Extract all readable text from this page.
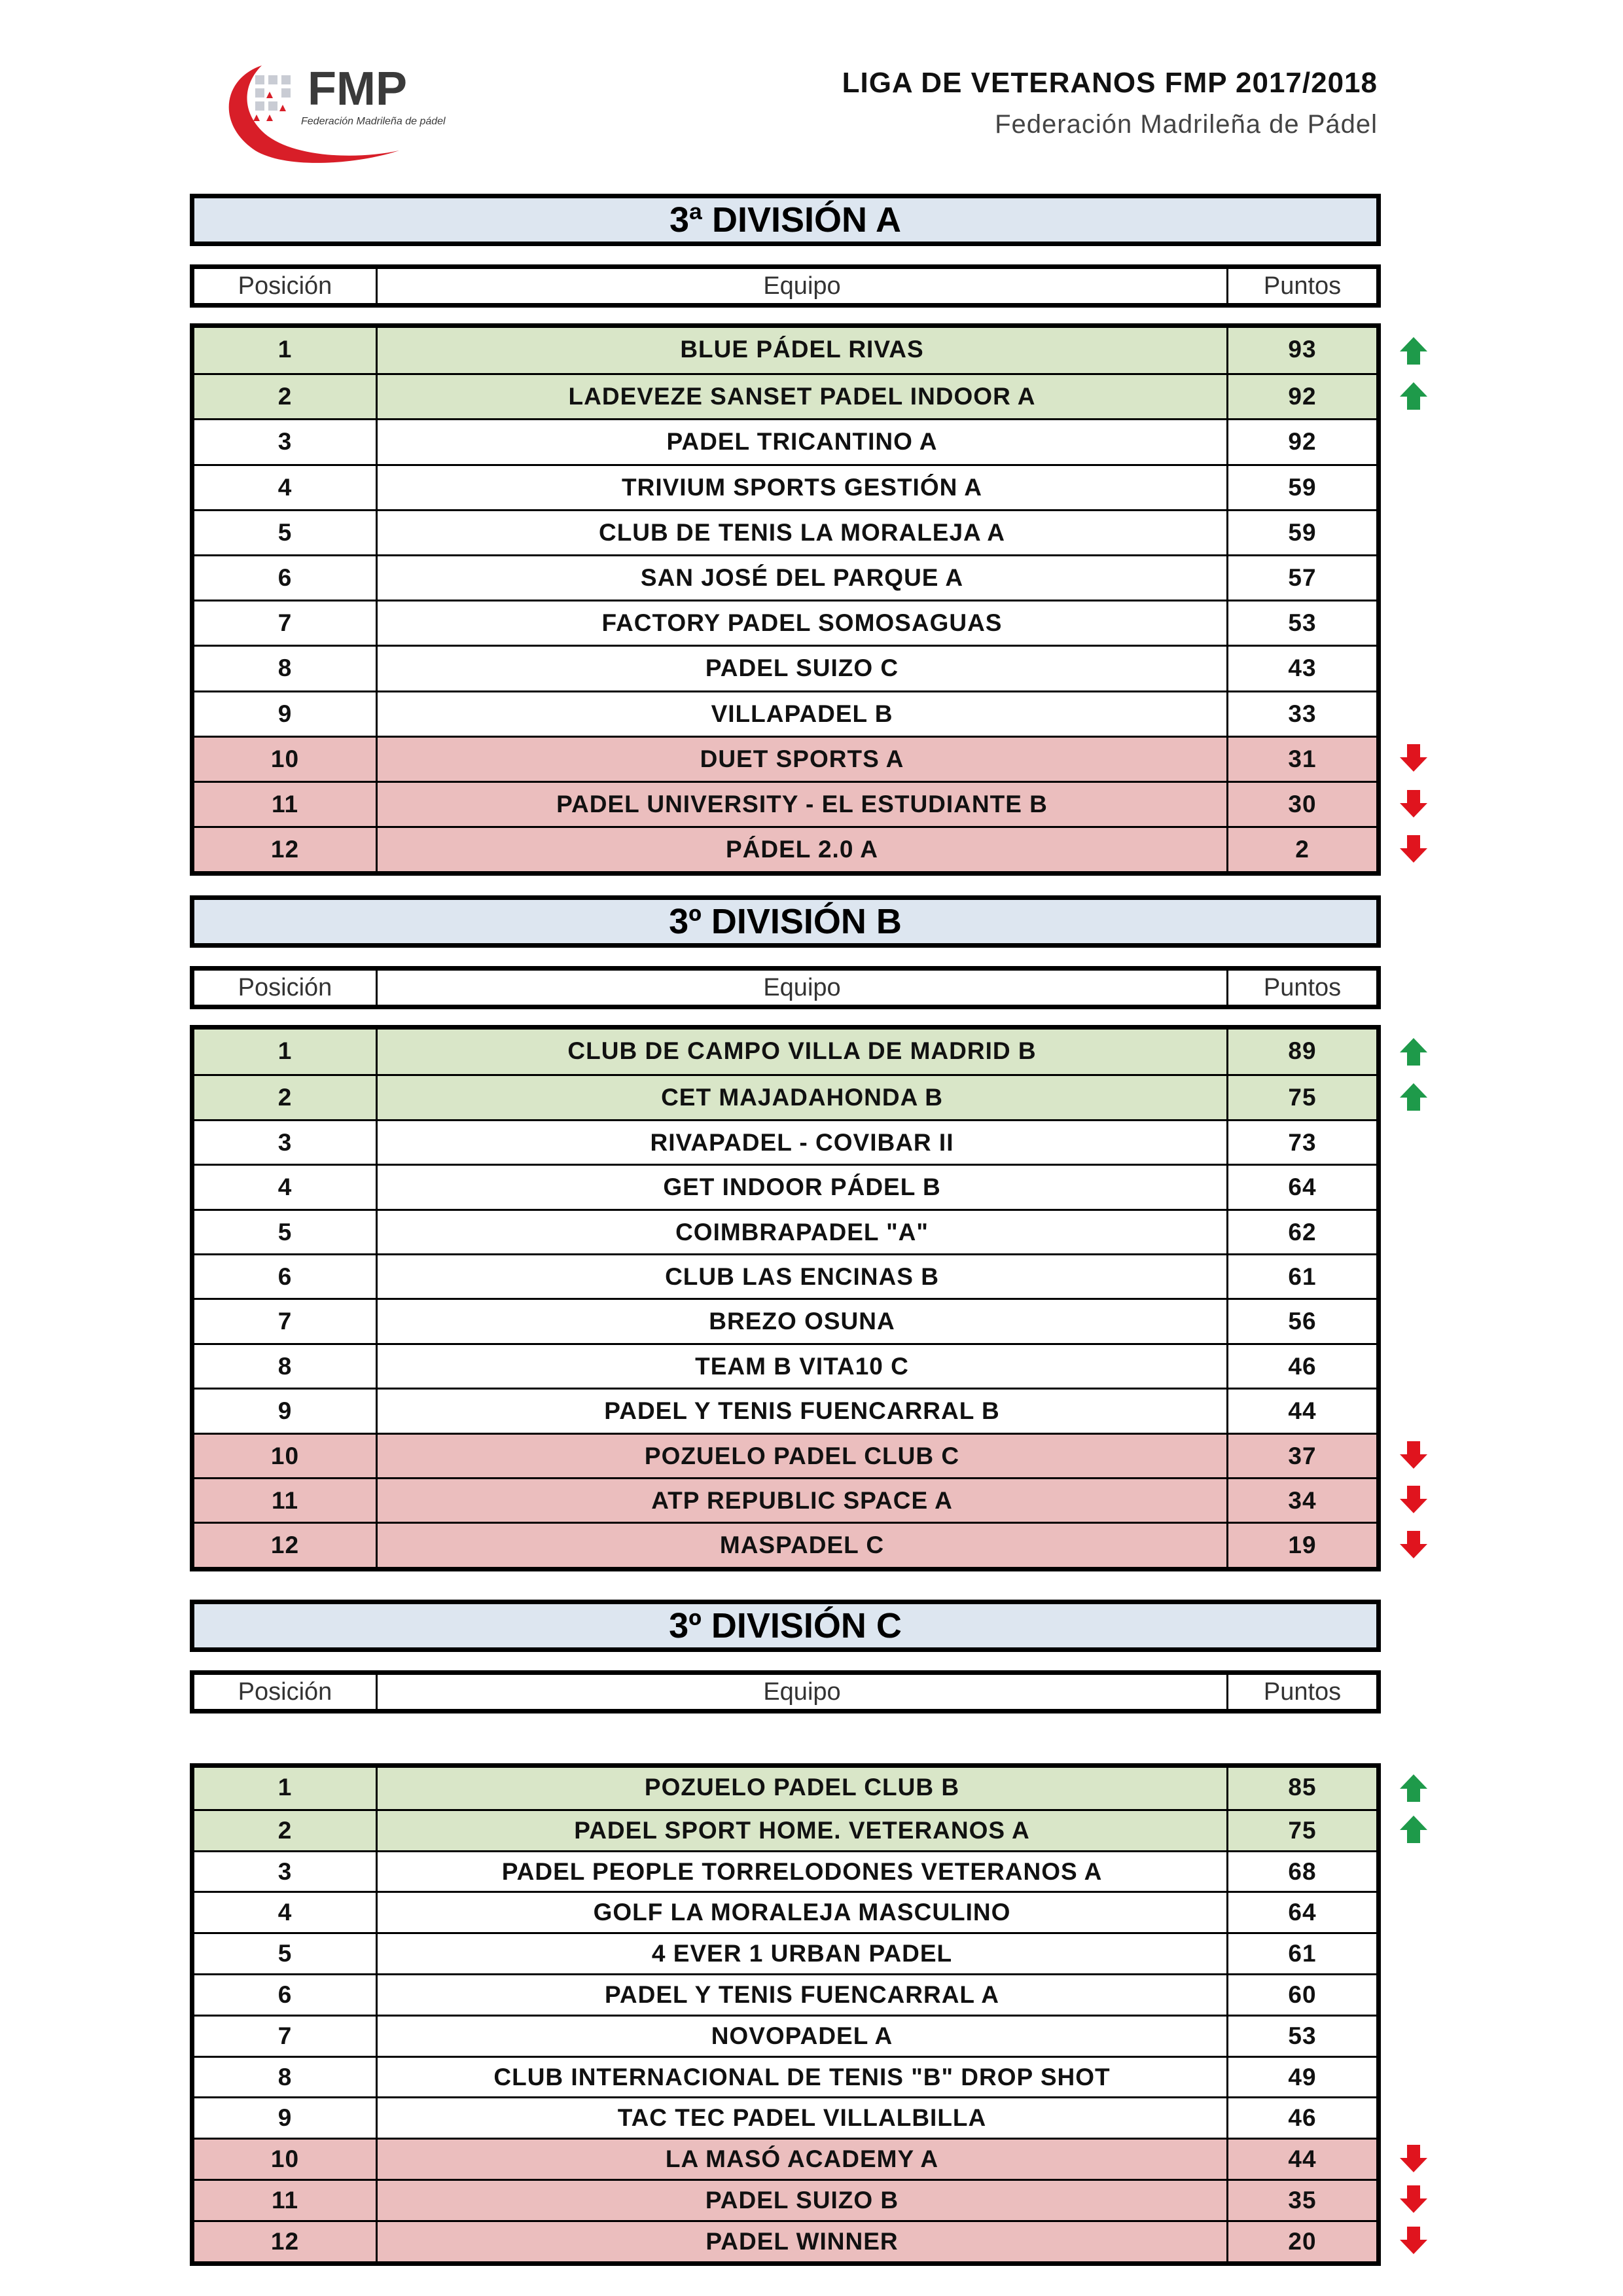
FMP
Federación Madrileña de pádel
LIGA DE VETERANOS FMP 2017/2018
Federación Madrileña de Pádel
3ª DIVISIÓN A
Posición	Equipo	Puntos
1	BLUE PÁDEL RIVAS	93
2	LADEVEZE SANSET PADEL INDOOR A	92
3	PADEL TRICANTINO A	92
4	TRIVIUM SPORTS GESTIÓN A	59
5	CLUB DE TENIS LA MORALEJA A	59
6	SAN JOSÉ DEL PARQUE A	57
7	FACTORY PADEL SOMOSAGUAS	53
8	PADEL SUIZO C	43
9	VILLAPADEL B	33
10	DUET SPORTS A	31
11	PADEL UNIVERSITY - EL ESTUDIANTE B	30
12	PÁDEL 2.0 A	2
3º DIVISIÓN B
Posición	Equipo	Puntos
1	CLUB DE CAMPO VILLA DE MADRID B	89
2	CET MAJADAHONDA B	75
3	RIVAPADEL - COVIBAR II	73
4	GET INDOOR PÁDEL B	64
5	COIMBRAPADEL "A"	62
6	CLUB LAS ENCINAS B	61
7	BREZO OSUNA	56
8	TEAM B VITA10 C	46
9	PADEL Y TENIS FUENCARRAL B	44
10	POZUELO PADEL CLUB C	37
11	ATP REPUBLIC SPACE A	34
12	MASPADEL C	19
3º DIVISIÓN C
Posición	Equipo	Puntos
1	POZUELO PADEL CLUB B	85
2	PADEL SPORT HOME. VETERANOS A	75
3	PADEL PEOPLE TORRELODONES VETERANOS A	68
4	GOLF LA MORALEJA MASCULINO	64
5	4 EVER 1 URBAN PADEL	61
6	PADEL Y TENIS FUENCARRAL A	60
7	NOVOPADEL A	53
8	CLUB INTERNACIONAL DE TENIS "B" DROP SHOT	49
9	TAC TEC PADEL VILLALBILLA	46
10	LA MASÓ ACADEMY A	44
11	PADEL SUIZO B	35
12	PADEL WINNER	20
